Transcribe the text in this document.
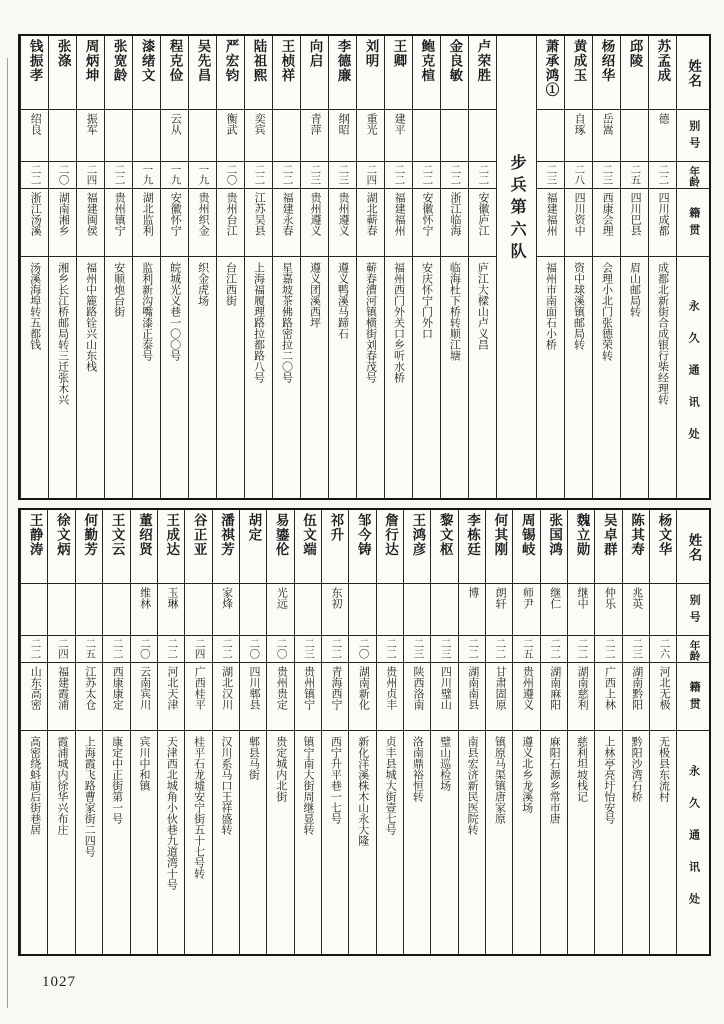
姓名
别号
年龄
籍贯
永久通讯处
苏孟成
德
二二
四川成都
成都北新街合成银行柴经理转
邱陵
二五
四川巴县
眉山邮局转
杨绍华
岳嵩
二三
西康会理
会理小北门张德荣转
黄成玉
自琢
二八
四川资中
资中球溪镇邮局转
萧承鸿①
二三
福建福州
福州市南面石小桥
步兵第六队
卢荣胜
二二
安徽庐江
庐江大樑山卢义昌
金良敏
二二
浙江临海
临海杜下桥转顺江塘
鲍克楦
二二
安徽怀宁
安庆怀宁门外口
王卿
建平
二二
福建福州
福州西门外关口乡听水桥
刘明
重光
二四
湖北蕲春
蕲春漕河镇横街刘春茂号
李德廉
纲昭
二三
贵州遵义
遵义鸭溪马蹄石
向启
青萍
二三
贵州遵义
遵义团溪西坪
王桢祥
二二
福建永春
星嘉坡茶佛路密拉二〇号
陆祖熙
奕宾
二二
江苏吴县
上海福履理路拉都路八号
严宏钧
衡武
二〇
贵州台江
台江西街
吴先昌
一九
贵州织金
织金虎场
程克俭
云从
一九
安徽怀宁
皖城光义巷一〇〇号
漆绪文
一九
湖北监利
监利新沟嘴漆正泰号
张宽龄
二二
贵州镇宁
安顺炮台街
周炳坤
振军
二四
福建闽侯
福州中簏路铨兴山东栈
张涤
二〇
湖南湘乡
湘乡长江桥邮局转三迁张木兴
钱振孝
绍良
二二
浙江汤溪
汤溪海埠转五都钱
姓名
别号
年龄
籍贯
永久通讯处
杨文华
二六
河北无极
无极县东流村
陈其寿
兆英
二三
湖南黔阳
黔阳沙湾石桥
吴卓群
仲乐
二二
广西上林
上林亭亮圩怡安号
魏立勋
继中
二二
湖南慈利
慈利坦坡栈记
张国鸿
继仁
二二
湖南麻阳
麻阳石源乡常市唐
周锡岐
师尹
二五
贵州遵义
遵义北乡龙溪场
何其刚
朗轩
二二
甘肃固原
镇原马渠镇唐家原
李栋廷
博
二二
湖南南县
南县宏济新民医院转
黎文枢
二三
四川璧山
璧山巡检场
王鸿彦
二三
陕西洛南
洛南鼎裕恒转
詹行达
二二
贵州贞丰
贞丰县城大街壹七号
邹今铸
二〇
湖南新化
新化洋溪株木山永大隆
祁升
东初
二二
青海西宁
西宁升平巷一七号
伍文端
二三
贵州镇宁
镇宁南大街周继显转
易鎏伦
光远
二〇
贵州贵定
贵定城内北街
胡定
二〇
四川郫县
郫县马街
潘祺芳
家烽
二二
湖北汉川
汉川系马口王祥盛转
谷正亚
二四
广西桂平
桂平石龙墟安宁街五十七号转
王成达
玉琳
二二
河北天津
天津西北城角小伙巷九道湾十号
董绍贤
维林
二〇
云南宾川
宾川中和镇
王文云
二二
西康康定
康定中正街第一号
何勤芳
二五
江苏太仓
上海霞飞路曹家街二四号
徐文炳
二四
福建霞浦
霞浦城内徐华兴布庄
王静涛
二二
山东高密
高密绕蚪庙后街巷居
1027
